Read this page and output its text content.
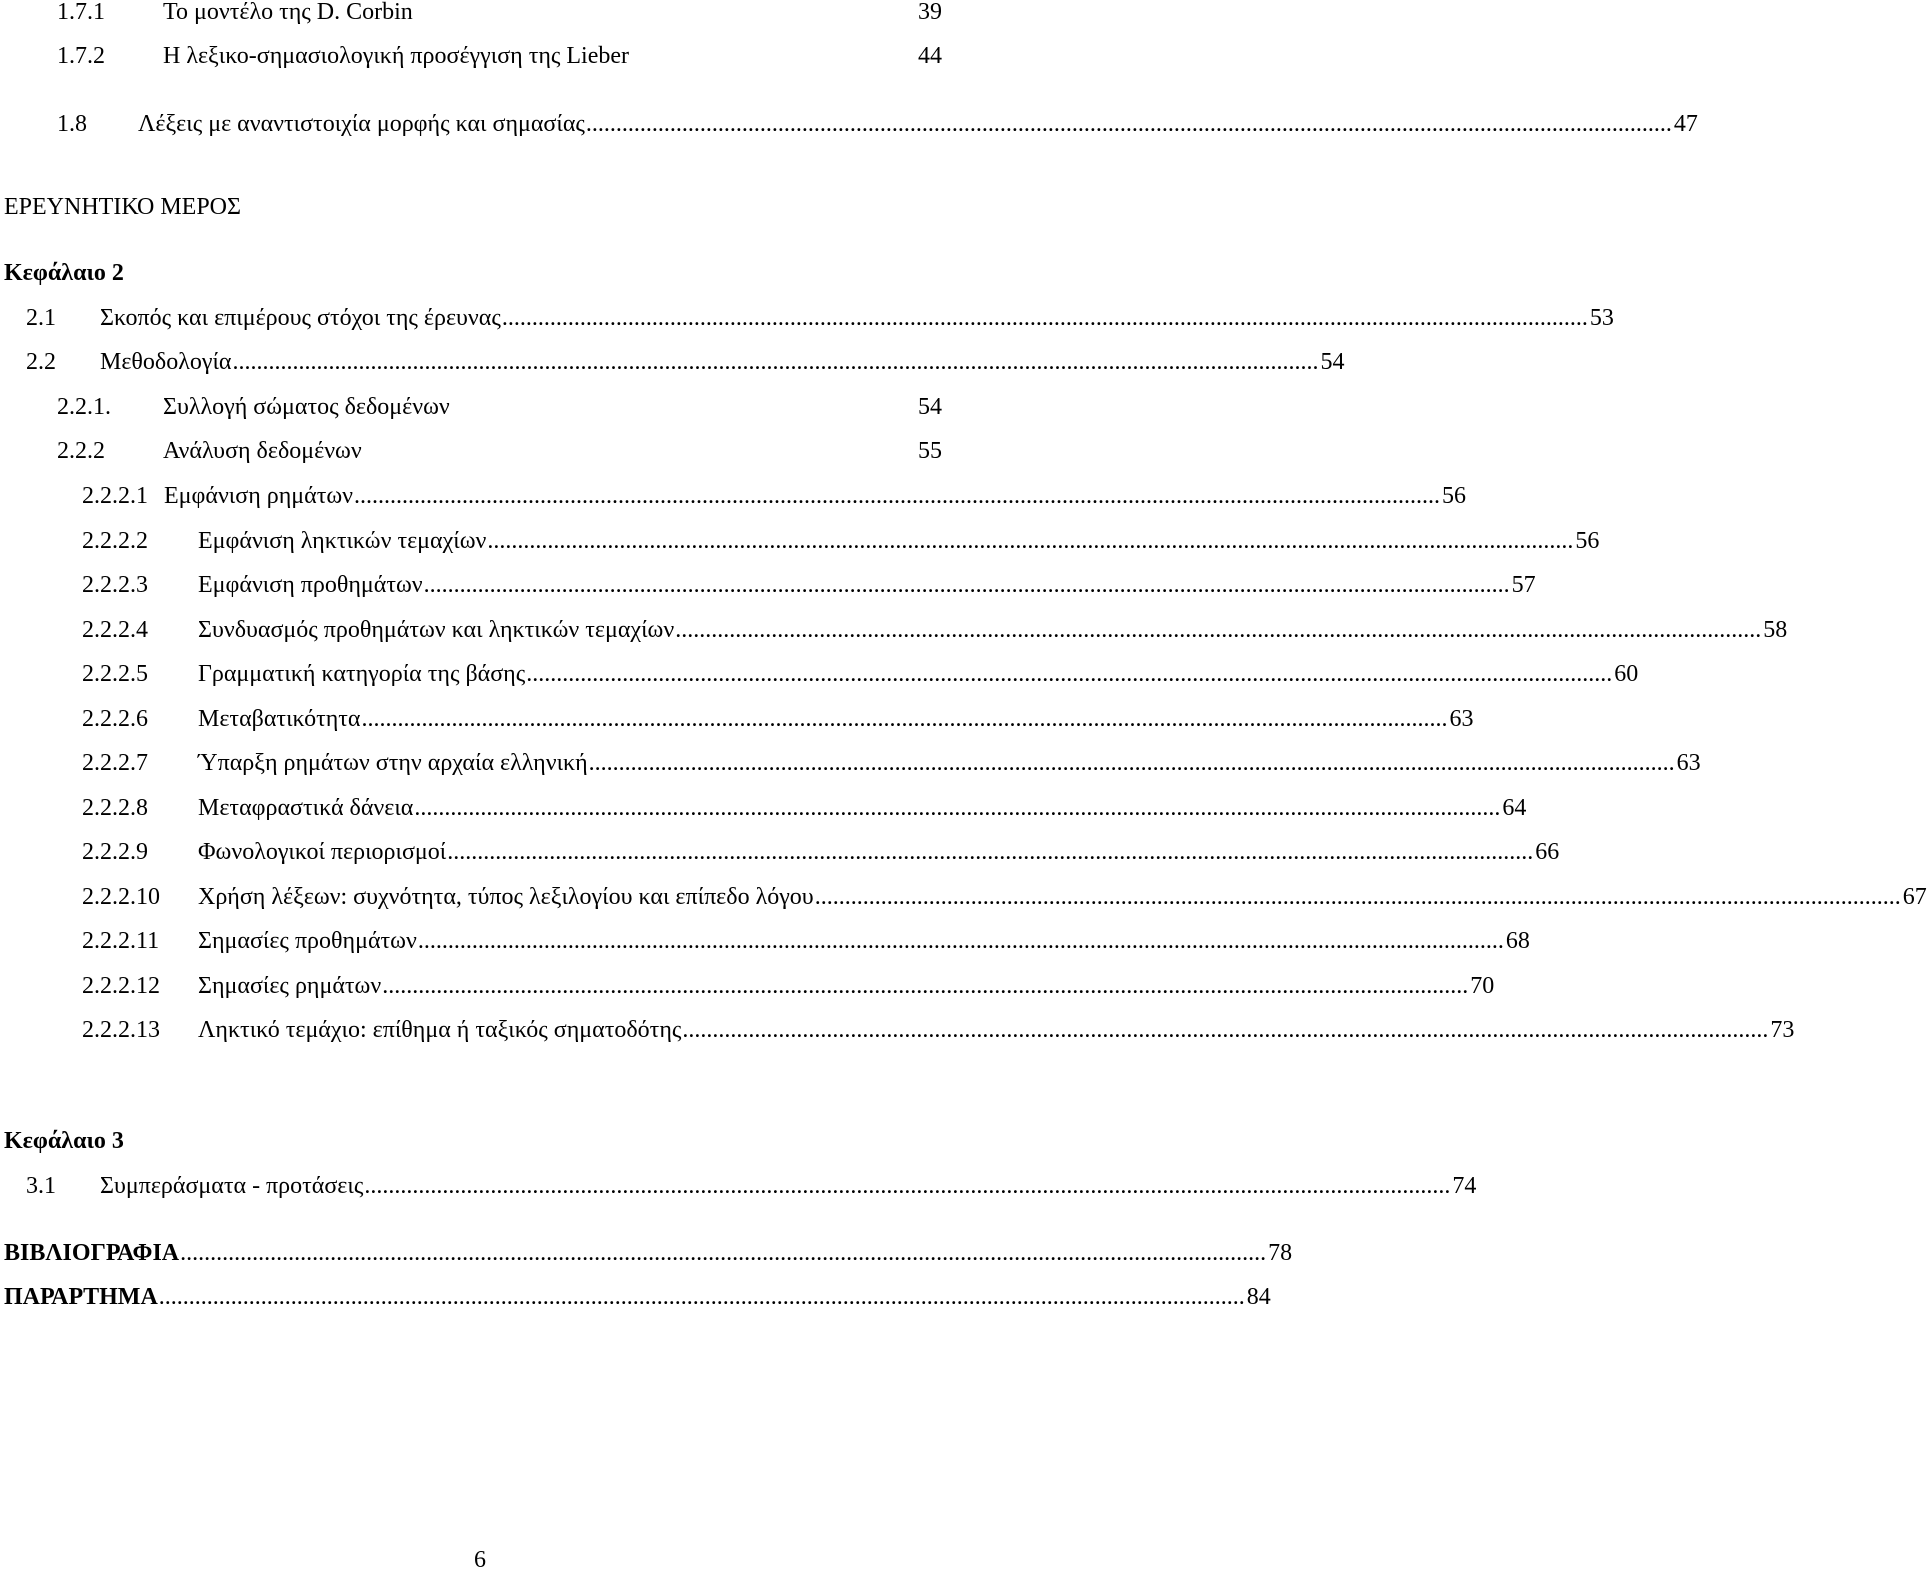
1.7.1 Το μοντέλο της D. Corbin	39
1.7.2 Η λεξικο-σημασιολογική προσέγγιση της Lieber	44
1.8 Λέξεις με αναντιστοιχία μορφής και σημασίας ..................................................................................................................................................................................... 47
ΕΡΕΥΝΗΤΙΚΟ ΜΕΡΟΣ
Κεφάλαιο 2
2.1 Σκοπός και επιμέρους στόχοι της έρευνας ..................................................................................................................................................................................... 53
2.2 Μεθοδολογία ..................................................................................................................................................................................... 54
2.2.1. Συλλογή σώματος δεδομένων	54
2.2.2 Ανάλυση δεδομένων	55
2.2.2.1 Εμφάνιση ρημάτων ..................................................................................................................................................................................... 56
2.2.2.2 Εμφάνιση ληκτικών τεμαχίων ..................................................................................................................................................................................... 56
2.2.2.3 Εμφάνιση προθημάτων ..................................................................................................................................................................................... 57
2.2.2.4 Συνδυασμός προθημάτων και ληκτικών τεμαχίων ..................................................................................................................................................................................... 58
2.2.2.5 Γραμματική κατηγορία της βάσης ..................................................................................................................................................................................... 60
2.2.2.6 Μεταβατικότητα ..................................................................................................................................................................................... 63
2.2.2.7 Ύπαρξη ρημάτων στην αρχαία ελληνική ..................................................................................................................................................................................... 63
2.2.2.8 Μεταφραστικά δάνεια ..................................................................................................................................................................................... 64
2.2.2.9 Φωνολογικοί περιορισμοί ..................................................................................................................................................................................... 66
2.2.2.10 Χρήση λέξεων: συχνότητα, τύπος λεξιλογίου και επίπεδο λόγου ..................................................................................................................................................................................... 67
2.2.2.11 Σημασίες προθημάτων ..................................................................................................................................................................................... 68
2.2.2.12 Σημασίες ρημάτων ..................................................................................................................................................................................... 70
2.2.2.13 Ληκτικό τεμάχιο: επίθημα ή ταξικός σηματοδότης ..................................................................................................................................................................................... 73
Κεφάλαιο 3
3.1 Συμπεράσματα - προτάσεις ..................................................................................................................................................................................... 74
ΒΙΒΛΙΟΓΡΑΦΙΑ ..................................................................................................................................................................................... 78
ΠΑΡΑΡΤΗΜΑ ..................................................................................................................................................................................... 84
6
